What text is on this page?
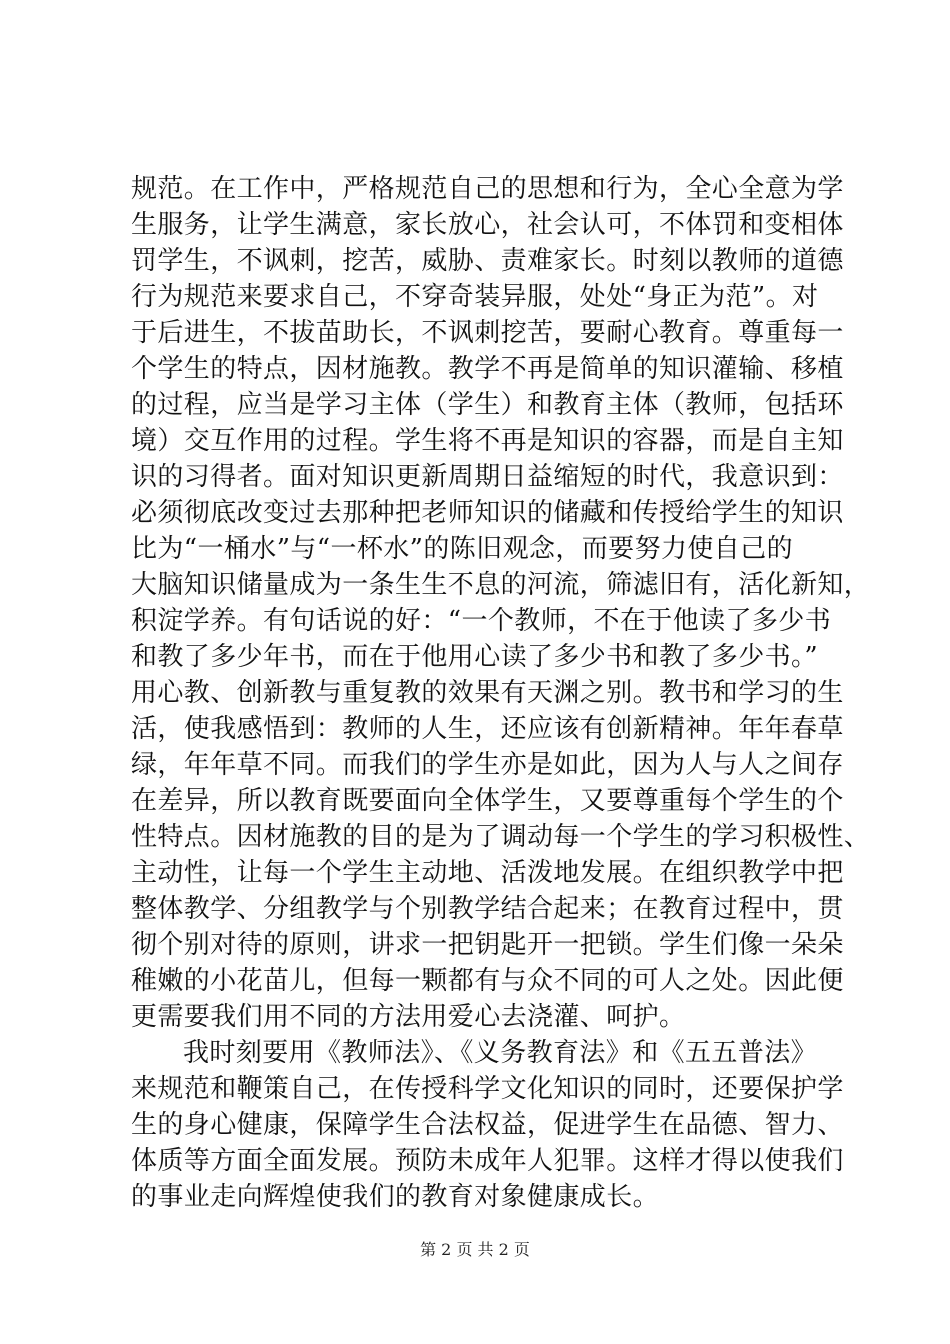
规范。在工作中，严格规范自己的思想和行为，全心全意为学
生服务，让学生满意，家长放心，社会认可，不体罚和变相体
罚学生，不讽刺，挖苦，威胁、责难家长。时刻以教师的道德
行为规范来要求自己，不穿奇装异服，处处“身正为范”。对
于后进生，不拔苗助长，不讽刺挖苦，要耐心教育。尊重每一
个学生的特点，因材施教。教学不再是简单的知识灌输、移植
的过程，应当是学习主体（学生）和教育主体（教师，包括环
境）交互作用的过程。学生将不再是知识的容器，而是自主知
识的习得者。面对知识更新周期日益缩短的时代，我意识到：
必须彻底改变过去那种把老师知识的储藏和传授给学生的知识
比为“一桶水”与“一杯水”的陈旧观念，而要努力使自己的
大脑知识储量成为一条生生不息的河流，筛滤旧有，活化新知，
积淀学养。有句话说的好：“一个教师，不在于他读了多少书
和教了多少年书，而在于他用心读了多少书和教了多少书。”
用心教、创新教与重复教的效果有天渊之别。教书和学习的生
活，使我感悟到：教师的人生，还应该有创新精神。年年春草
绿，年年草不同。而我们的学生亦是如此，因为人与人之间存
在差异，所以教育既要面向全体学生，又要尊重每个学生的个
性特点。因材施教的目的是为了调动每一个学生的学习积极性、
主动性，让每一个学生主动地、活泼地发展。在组织教学中把
整体教学、分组教学与个别教学结合起来；在教育过程中，贯
彻个别对待的原则，讲求一把钥匙开一把锁。学生们像一朵朵
稚嫩的小花苗儿，但每一颗都有与众不同的可人之处。因此便
更需要我们用不同的方法用爱心去浇灌、呵护。
我时刻要用《教师法》、《义务教育法》和《五五普法》
来规范和鞭策自己，在传授科学文化知识的同时，还要保护学
生的身心健康，保障学生合法权益，促进学生在品德、智力、
体质等方面全面发展。预防未成年人犯罪。这样才得以使我们
的事业走向辉煌使我们的教育对象健康成长。
第 2 页 共 2 页
